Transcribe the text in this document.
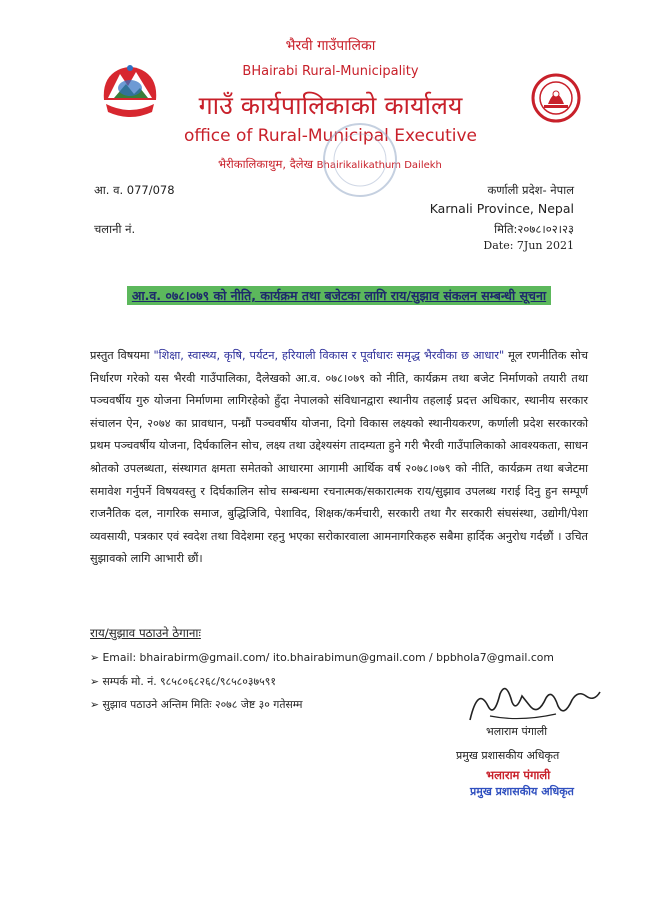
भैरवी गाउँपालिका
BHairabi Rural-Municipality
गाउँ कार्यपालिकाको कार्यालय
office of Rural-Municipal Executive
भैरीकालिकाथुम, दैलेख Bhairikalikathum Dailekh
आ. व. 077/078	कर्णाली प्रदेश- नेपाल
Karnali Province, Nepal
चलानी नं.	मिति:२०७८।०२।२३
Date: 7Jun 2021
आ.व. ०७८।०७९ को नीति, कार्यक्रम तथा बजेटका लागि राय/सुझाव संकलन सम्बन्धी सूचना
प्रस्तुत विषयमा "शिक्षा, स्वास्थ्य, कृषि, पर्यटन, हरियाली विकास र पूर्वाधारः समृद्ध भैरवीका छ आधार" मूल रणनीतिक सोच निर्धारण गरेको यस भैरवी गाउँपालिका, दैलेखको आ.व. ०७८।०७९ को नीति, कार्यक्रम तथा बजेट निर्माणको तयारी तथा पञ्चवर्षीय गुरु योजना निर्माणमा लागिरहेको हुँदा नेपालको संविधानद्वारा स्थानीय तहलाई प्रदत्त अधिकार, स्थानीय सरकार संचालन ऐन, २०७४ का प्रावधान, पन्ध्रौं पञ्चवर्षीय योजना, दिगो विकास लक्ष्यको स्थानीयकरण, कर्णाली प्रदेश सरकारको प्रथम पञ्चवर्षीय योजना, दिर्घकालिन सोच, लक्ष्य तथा उद्देश्यसंग तादम्यता हुने गरी भैरवी गाउँपालिकाको आवश्यकता, साधन श्रोतको उपलब्धता, संस्थागत क्षमता समेतको आधारमा आगामी आर्थिक वर्ष २०७८।०७९ को नीति, कार्यक्रम तथा बजेटमा समावेश गर्नुपर्ने विषयवस्तु र दिर्घकालिन सोच सम्बन्धमा रचनात्मक/सकारात्मक राय/सुझाव उपलब्ध गराई दिनु हुन सम्पूर्ण राजनैतिक दल, नागरिक समाज, बुद्धिजिवि, पेशाविद, शिक्षक/कर्मचारी, सरकारी तथा गैर सरकारी संघसंस्था, उद्योगी/पेशा व्यवसायी, पत्रकार एवं स्वदेश तथा विदेशमा रहनु भएका सरोकारवाला आमनागरिकहरु सबैमा हार्दिक अनुरोध गर्दछौं । उचित सुझावको लागि आभारी छौं।
राय/सुझाव पठाउने ठेगानाः
➢ Email: bhairabirm@gmail.com/ ito.bhairabimun@gmail.com / bpbhola7@gmail.com
➢ सम्पर्क मो. नं. ९८५८०६८२६८/९८५८०३७५९१
➢ सुझाव पठाउने अन्तिम मितिः २०७८ जेष्ट ३० गतेसम्म
भलाराम पंगाली
प्रमुख प्रशासकीय अधिकृत
भलाराम पंगाली
प्रमुख प्रशासकीय अधिकृत
